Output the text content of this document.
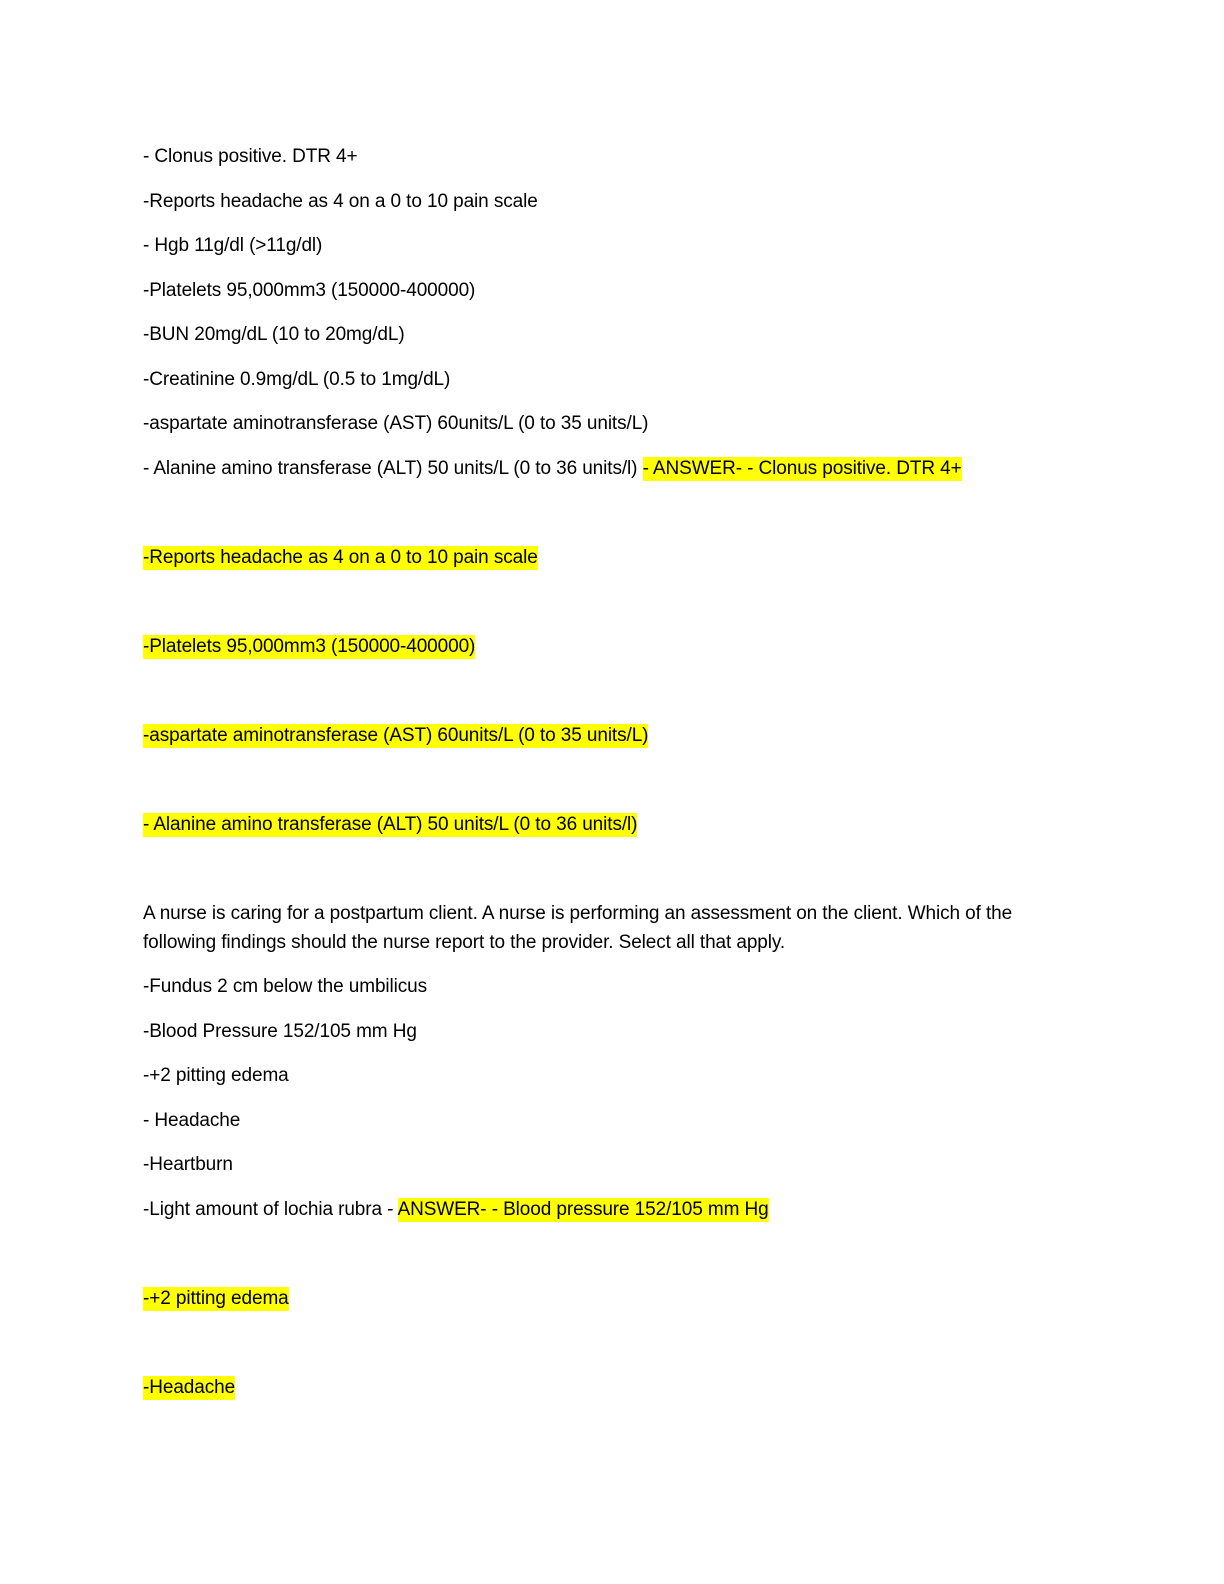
- Clonus positive. DTR 4+
-Reports headache as 4 on a 0 to 10 pain scale
- Hgb 11g/dl (>11g/dl)
-Platelets 95,000mm3 (150000-400000)
-BUN 20mg/dL (10 to 20mg/dL)
-Creatinine 0.9mg/dL (0.5 to 1mg/dL)
-aspartate aminotransferase (AST) 60units/L (0 to 35 units/L)
- Alanine amino transferase (ALT) 50 units/L (0 to 36 units/l) - ANSWER- - Clonus positive. DTR 4+
-Reports headache as 4 on a 0 to 10 pain scale
-Platelets 95,000mm3 (150000-400000)
-aspartate aminotransferase (AST) 60units/L (0 to 35 units/L)
- Alanine amino transferase (ALT) 50 units/L (0 to 36 units/l)
A nurse is caring for a postpartum client. A nurse is performing an assessment on the client. Which of the following findings should the nurse report to the provider. Select all that apply.
-Fundus 2 cm below the umbilicus
-Blood Pressure 152/105 mm Hg
-+2 pitting edema
- Headache
-Heartburn
-Light amount of lochia rubra - ANSWER- - Blood pressure 152/105 mm Hg
-+2 pitting edema
-Headache
